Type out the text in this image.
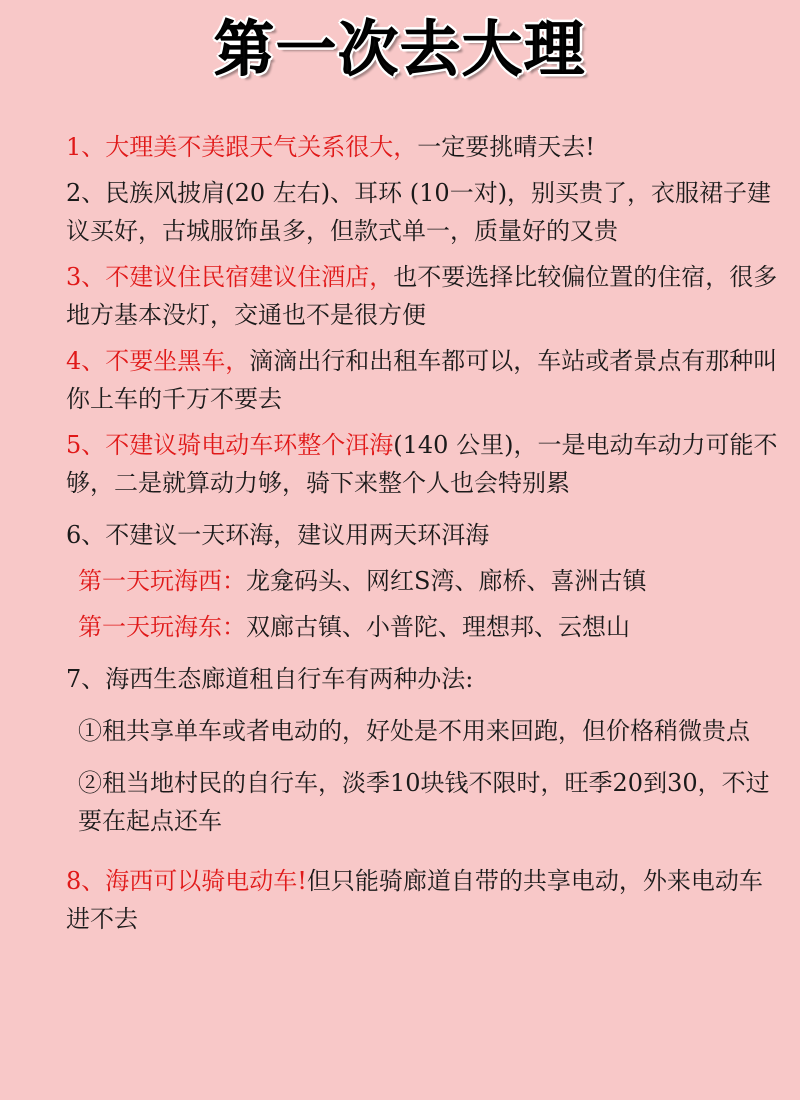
第一次去大理

1、大理美不美跟天气关系很大，一定要挑晴天去!

2、民族风披肩(20 左右)、耳环 (10一对)，别买贵了，衣服裙子建议买好，古城服饰虽多，但款式单一，质量好的又贵

3、不建议住民宿建议住酒店，也不要选择比较偏位置的住宿，很多地方基本没灯，交通也不是很方便

4、不要坐黑车，滴滴出行和出租车都可以，车站或者景点有那种叫你上车的千万不要去

5、不建议骑电动车环整个洱海(140 公里)，一是电动车动力可能不够，二是就算动力够，骑下来整个人也会特别累

6、不建议一天环海，建议用两天环洱海

第一天玩海西：龙龛码头、网红S湾、廊桥、喜洲古镇

第一天玩海东：双廊古镇、小普陀、理想邦、云想山

7、海西生态廊道租自行车有两种办法:

①租共享单车或者电动的，好处是不用来回跑，但价格稍微贵点

②租当地村民的自行车，淡季10块钱不限时，旺季20到30，不过要在起点还车

8、海西可以骑电动车!但只能骑廊道自带的共享电动，外来电动车进不去
